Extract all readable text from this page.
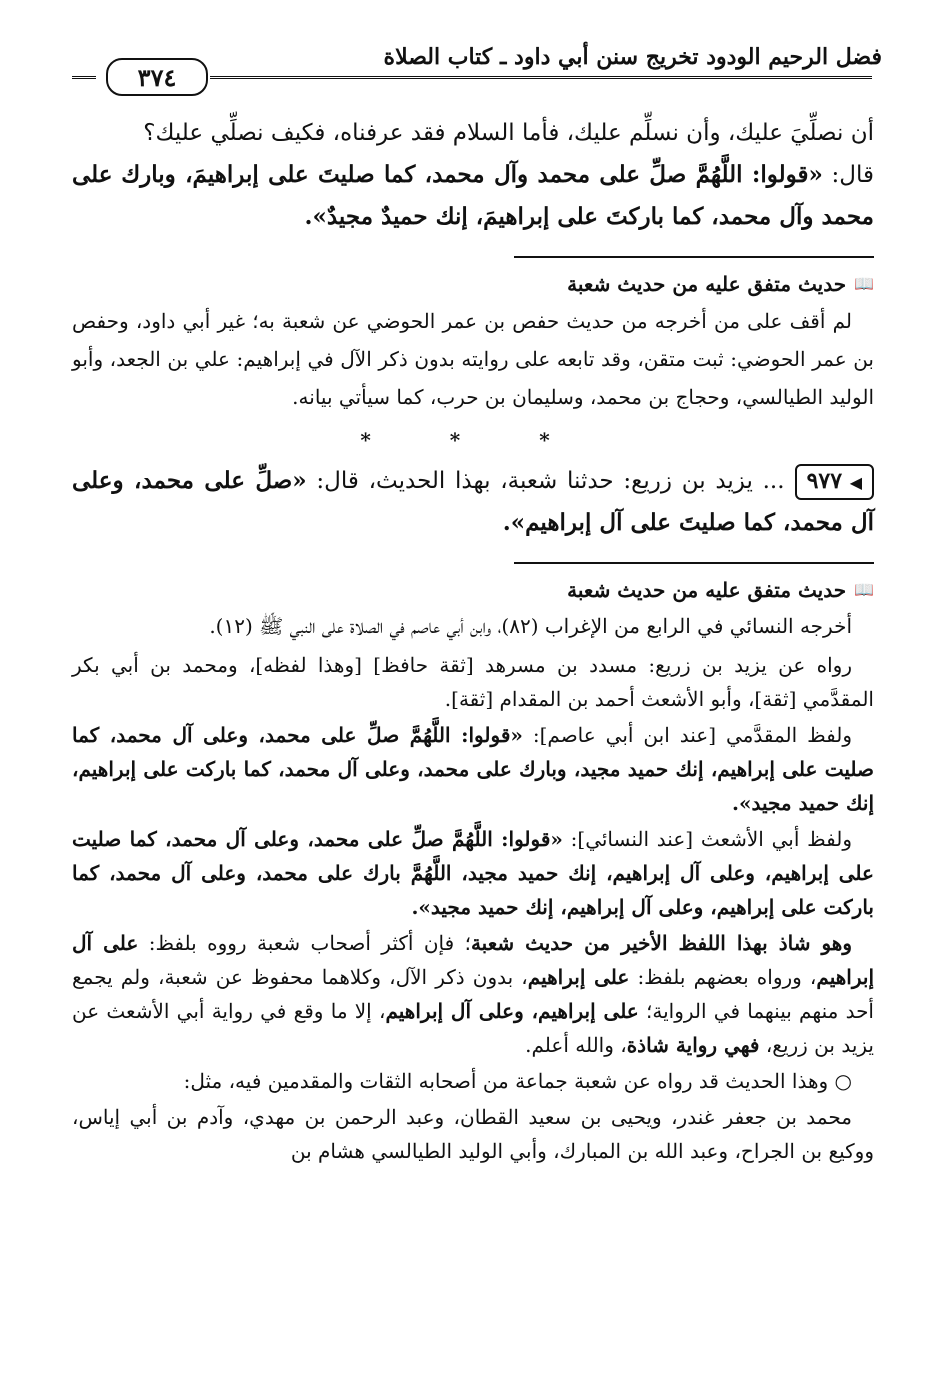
فضل الرحيم الودود تخريج سنن أبي داود ـ كتاب الصلاة
٣٧٤

أن نصلِّيَ عليك، وأن نسلِّم عليك، فأما السلام فقد عرفناه، فكيف نصلِّي عليك؟

قال: «قولوا: اللَّهُمَّ صلِّ على محمد وآل محمد، كما صليتَ على إبراهيمَ، وبارك على محمد وآل محمد، كما باركتَ على إبراهيمَ، إنك حميدٌ مجيدٌ».

📖
حديث متفق عليه من حديث شعبة

لم أقف على من أخرجه من حديث حفص بن عمر الحوضي عن شعبة به؛ غير أبي داود، وحفص بن عمر الحوضي: ثبت متقن، وقد تابعه على روايته بدون ذكر الآل في إبراهيم: علي بن الجعد، وأبو الوليد الطيالسي، وحجاج بن محمد، وسليمان بن حرب، كما سيأتي بيانه.

* * *

◀ ٩٧٧... يزيد بن زريع: حدثنا شعبة، بهذا الحديث، قال: «صلِّ على محمد، وعلى آل محمد، كما صليتَ على آل إبراهيم».

📖
حديث متفق عليه من حديث شعبة

أخرجه النسائي في الرابع من الإغراب (٨٢)، وابن أبي عاصم في الصلاة على النبي ﷺ (١٢).

رواه عن يزيد بن زريع: مسدد بن مسرهد [ثقة حافظ] [وهذا لفظه]، ومحمد بن أبي بكر المقدَّمي [ثقة]، وأبو الأشعث أحمد بن المقدام [ثقة].

ولفظ المقدَّمي [عند ابن أبي عاصم]: «قولوا: اللَّهُمَّ صلِّ على محمد، وعلى آل محمد، كما صليت على إبراهيم، إنك حميد مجيد، وبارك على محمد، وعلى آل محمد، كما باركت على إبراهيم، إنك حميد مجيد».

ولفظ أبي الأشعث [عند النسائي]: «قولوا: اللَّهُمَّ صلِّ على محمد، وعلى آل محمد، كما صليت على إبراهيم، وعلى آل إبراهيم، إنك حميد مجيد، اللَّهُمَّ بارك على محمد، وعلى آل محمد، كما باركت على إبراهيم، وعلى آل إبراهيم، إنك حميد مجيد».

وهو شاذ بهذا اللفظ الأخير من حديث شعبة؛ فإن أكثر أصحاب شعبة رووه بلفظ: على آل إبراهيم، ورواه بعضهم بلفظ: على إبراهيم، بدون ذكر الآل، وكلاهما محفوظ عن شعبة، ولم يجمع أحد منهم بينهما في الرواية؛ على إبراهيم، وعلى آل إبراهيم، إلا ما وقع في رواية أبي الأشعث عن يزيد بن زريع، فهي رواية شاذة، والله أعلم.

○ وهذا الحديث قد رواه عن شعبة جماعة من أصحابه الثقات والمقدمين فيه، مثل:

محمد بن جعفر غندر، ويحيى بن سعيد القطان، وعبد الرحمن بن مهدي، وآدم بن أبي إياس، ووكيع بن الجراح، وعبد الله بن المبارك، وأبي الوليد الطيالسي هشام بن
